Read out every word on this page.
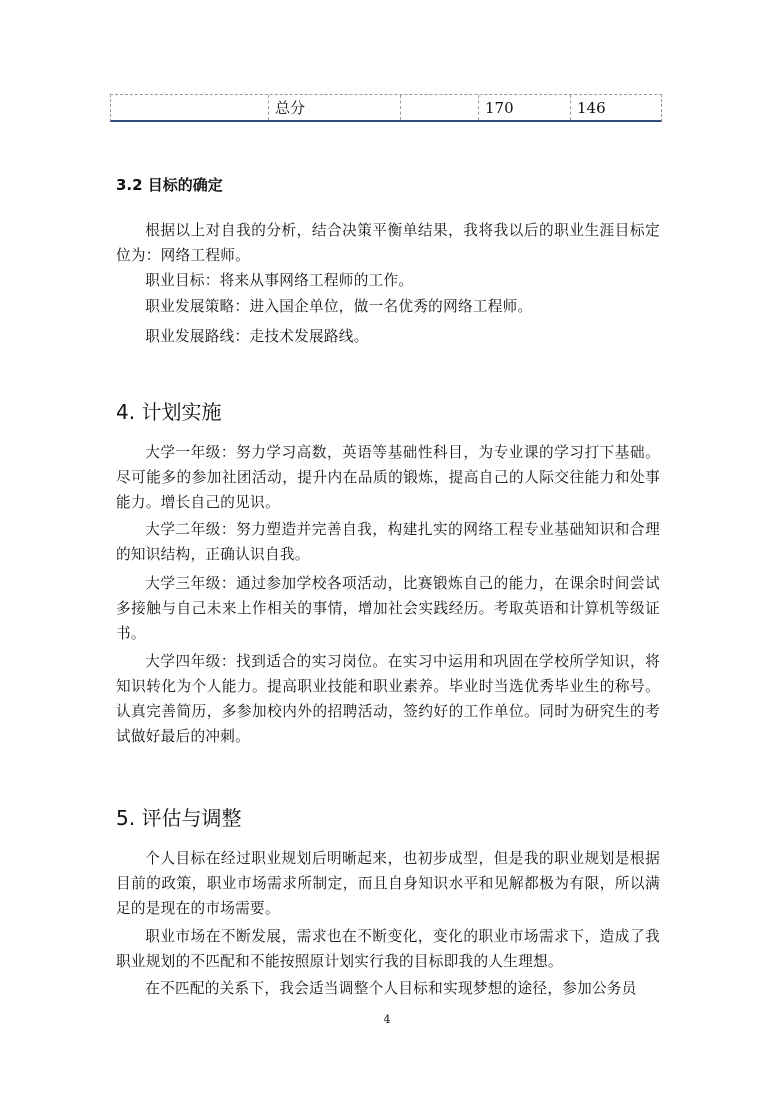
总分	170	146
3.2 目标的确定

根据以上对自我的分析，结合决策平衡单结果，我将我以后的职业生涯目标定位为：网络工程师。

职业目标：将来从事网络工程师的工作。

职业发展策略：进入国企单位，做一名优秀的网络工程师。

职业发展路线：走技术发展路线。

4. 计划实施

大学一年级：努力学习高数，英语等基础性科目，为专业课的学习打下基础。尽可能多的参加社团活动，提升内在品质的锻炼，提高自己的人际交往能力和处事能力。增长自己的见识。

大学二年级：努力塑造并完善自我，构建扎实的网络工程专业基础知识和合理的知识结构，正确认识自我。

大学三年级：通过参加学校各项活动，比赛锻炼自己的能力，在课余时间尝试多接触与自己未来上作相关的事情，增加社会实践经历。考取英语和计算机等级证书。

大学四年级：找到适合的实习岗位。在实习中运用和巩固在学校所学知识，将知识转化为个人能力。提高职业技能和职业素养。毕业时当选优秀毕业生的称号。认真完善简历，多参加校内外的招聘活动，签约好的工作单位。同时为研究生的考试做好最后的冲刺。

5. 评估与调整

个人目标在经过职业规划后明晰起来，也初步成型，但是我的职业规划是根据目前的政策，职业市场需求所制定，而且自身知识水平和见解都极为有限，所以满足的是现在的市场需要。

职业市场在不断发展，需求也在不断变化，变化的职业市场需求下，造成了我职业规划的不匹配和不能按照原计划实行我的目标即我的人生理想。

在不匹配的关系下，我会适当调整个人目标和实现梦想的途径，参加公务员

4
